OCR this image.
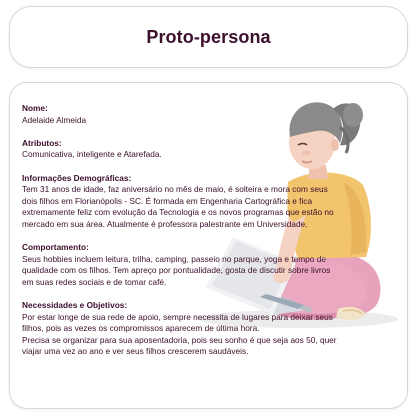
Proto-persona
Nome:
Adelaide Almeida
Atributos:
Comunicativa, inteligente e Atarefada.
Informações Demográficas:
Tem 31 anos de idade, faz aniversário no mês de maio, é solteira e mora com seus
dois filhos em Florianópolis - SC. É formada em Engenharia Cartográfica e fica
extremamente feliz com evolução da Tecnologia e os novos programas que estão no
mercado em sua área. Atualmente é professora palestrante em Universidade.
Comportamento:
Seus hobbies incluem leitura, trilha, camping, passeio no parque, yoga e tempo de
qualidade com os filhos. Tem apreço por pontualidade, gosta de discutir sobre livros
em suas redes sociais e de tomar café.
Necessidades e Objetivos:
Por estar longe de sua rede de apoio, sempre necessita de lugares para deixar seus
filhos, pois as vezes os compromissos aparecem de última hora.
Precisa se organizar para sua aposentadoria, pois seu sonho é que seja aos 50, quer
viajar uma vez ao ano e ver seus filhos crescerem saudáveis.
